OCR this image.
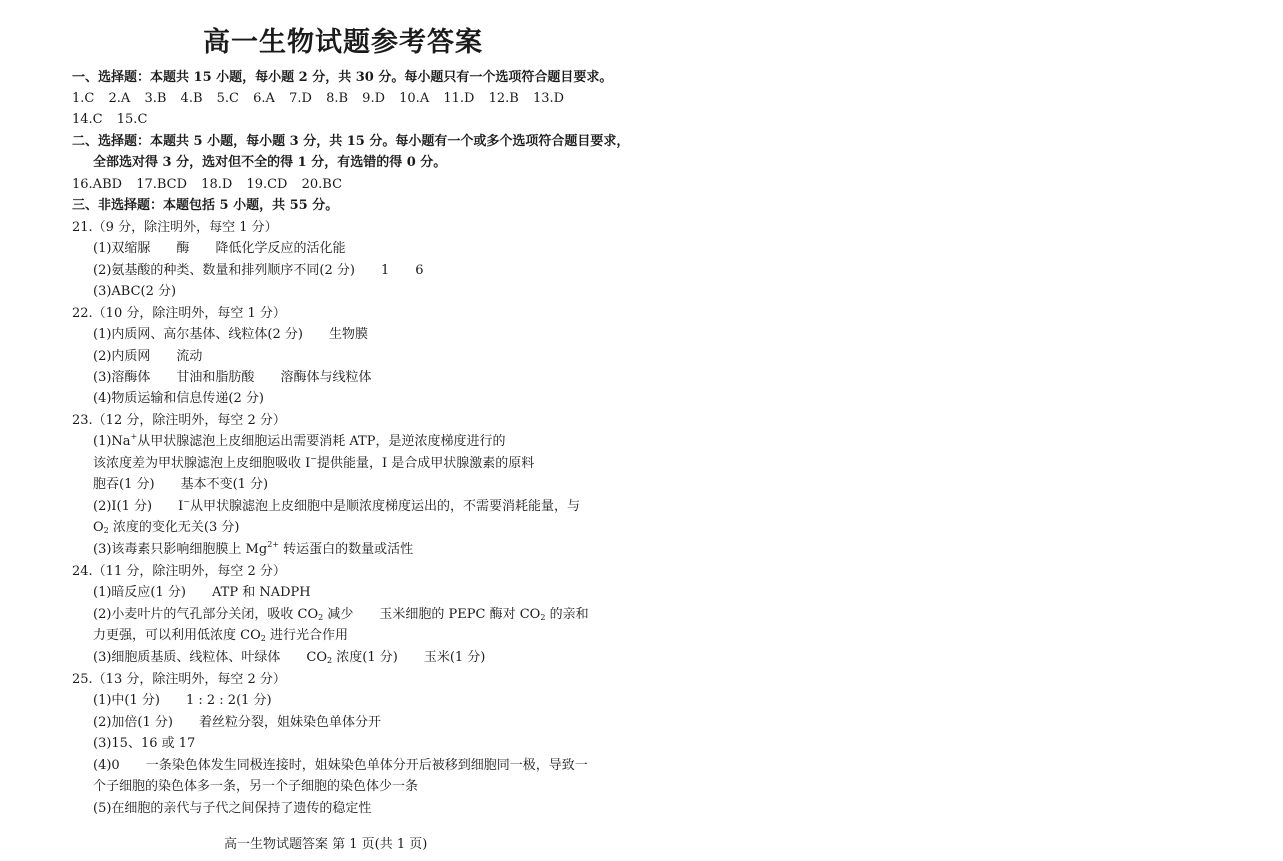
高一生物试题参考答案
一、选择题：本题共 15 小题，每小题 2 分，共 30 分。每小题只有一个选项符合题目要求。
1.C 2.A 3.B 4.B 5.C 6.A 7.D 8.B 9.D 10.A 11.D 12.B 13.D
14.C 15.C
二、选择题：本题共 5 小题，每小题 3 分，共 15 分。每小题有一个或多个选项符合题目要求，
全部选对得 3 分，选对但不全的得 1 分，有选错的得 0 分。
16.ABD 17.BCD 18.D 19.CD 20.BC
三、非选择题：本题包括 5 小题，共 55 分。
21.（9 分，除注明外，每空 1 分）
(1)双缩脲 酶 降低化学反应的活化能
(2)氨基酸的种类、数量和排列顺序不同(2 分) 1 6
(3)ABC(2 分)
22.（10 分，除注明外，每空 1 分）
(1)内质网、高尔基体、线粒体(2 分) 生物膜
(2)内质网 流动
(3)溶酶体 甘油和脂肪酸 溶酶体与线粒体
(4)物质运输和信息传递(2 分)
23.（12 分，除注明外，每空 2 分）
(1)Na+从甲状腺滤泡上皮细胞运出需要消耗 ATP，是逆浓度梯度进行的
该浓度差为甲状腺滤泡上皮细胞吸收 I−提供能量，I 是合成甲状腺激素的原料
胞吞(1 分) 基本不变(1 分)
(2)I(1 分) I−从甲状腺滤泡上皮细胞中是顺浓度梯度运出的，不需要消耗能量，与
$O_2$ 浓度的变化无关(3 分)
(3)该毒素只影响细胞膜上 $Mg^{2+}$ 转运蛋白的数量或活性
24.（11 分，除注明外，每空 2 分）
(1)暗反应(1 分) ATP 和 NADPH
(2)小麦叶片的气孔部分关闭，吸收 $CO_2$ 减少 玉米细胞的 PEPC 酶对 $CO_2$ 的亲和
力更强，可以利用低浓度 $CO_2$ 进行光合作用
(3)细胞质基质、线粒体、叶绿体 $CO_2$ 浓度(1 分) 玉米(1 分)
25.（13 分，除注明外，每空 2 分）
(1)中(1 分) 1 : 2 : 2(1 分)
(2)加倍(1 分) 着丝粒分裂，姐妹染色单体分开
(3)15、16 或 17
(4)0 一条染色体发生同极连接时，姐妹染色单体分开后被移到细胞同一极，导致一
个子细胞的染色体多一条，另一个子细胞的染色体少一条
(5)在细胞的亲代与子代之间保持了遗传的稳定性
高一生物试题答案 第 1 页(共 1 页)
